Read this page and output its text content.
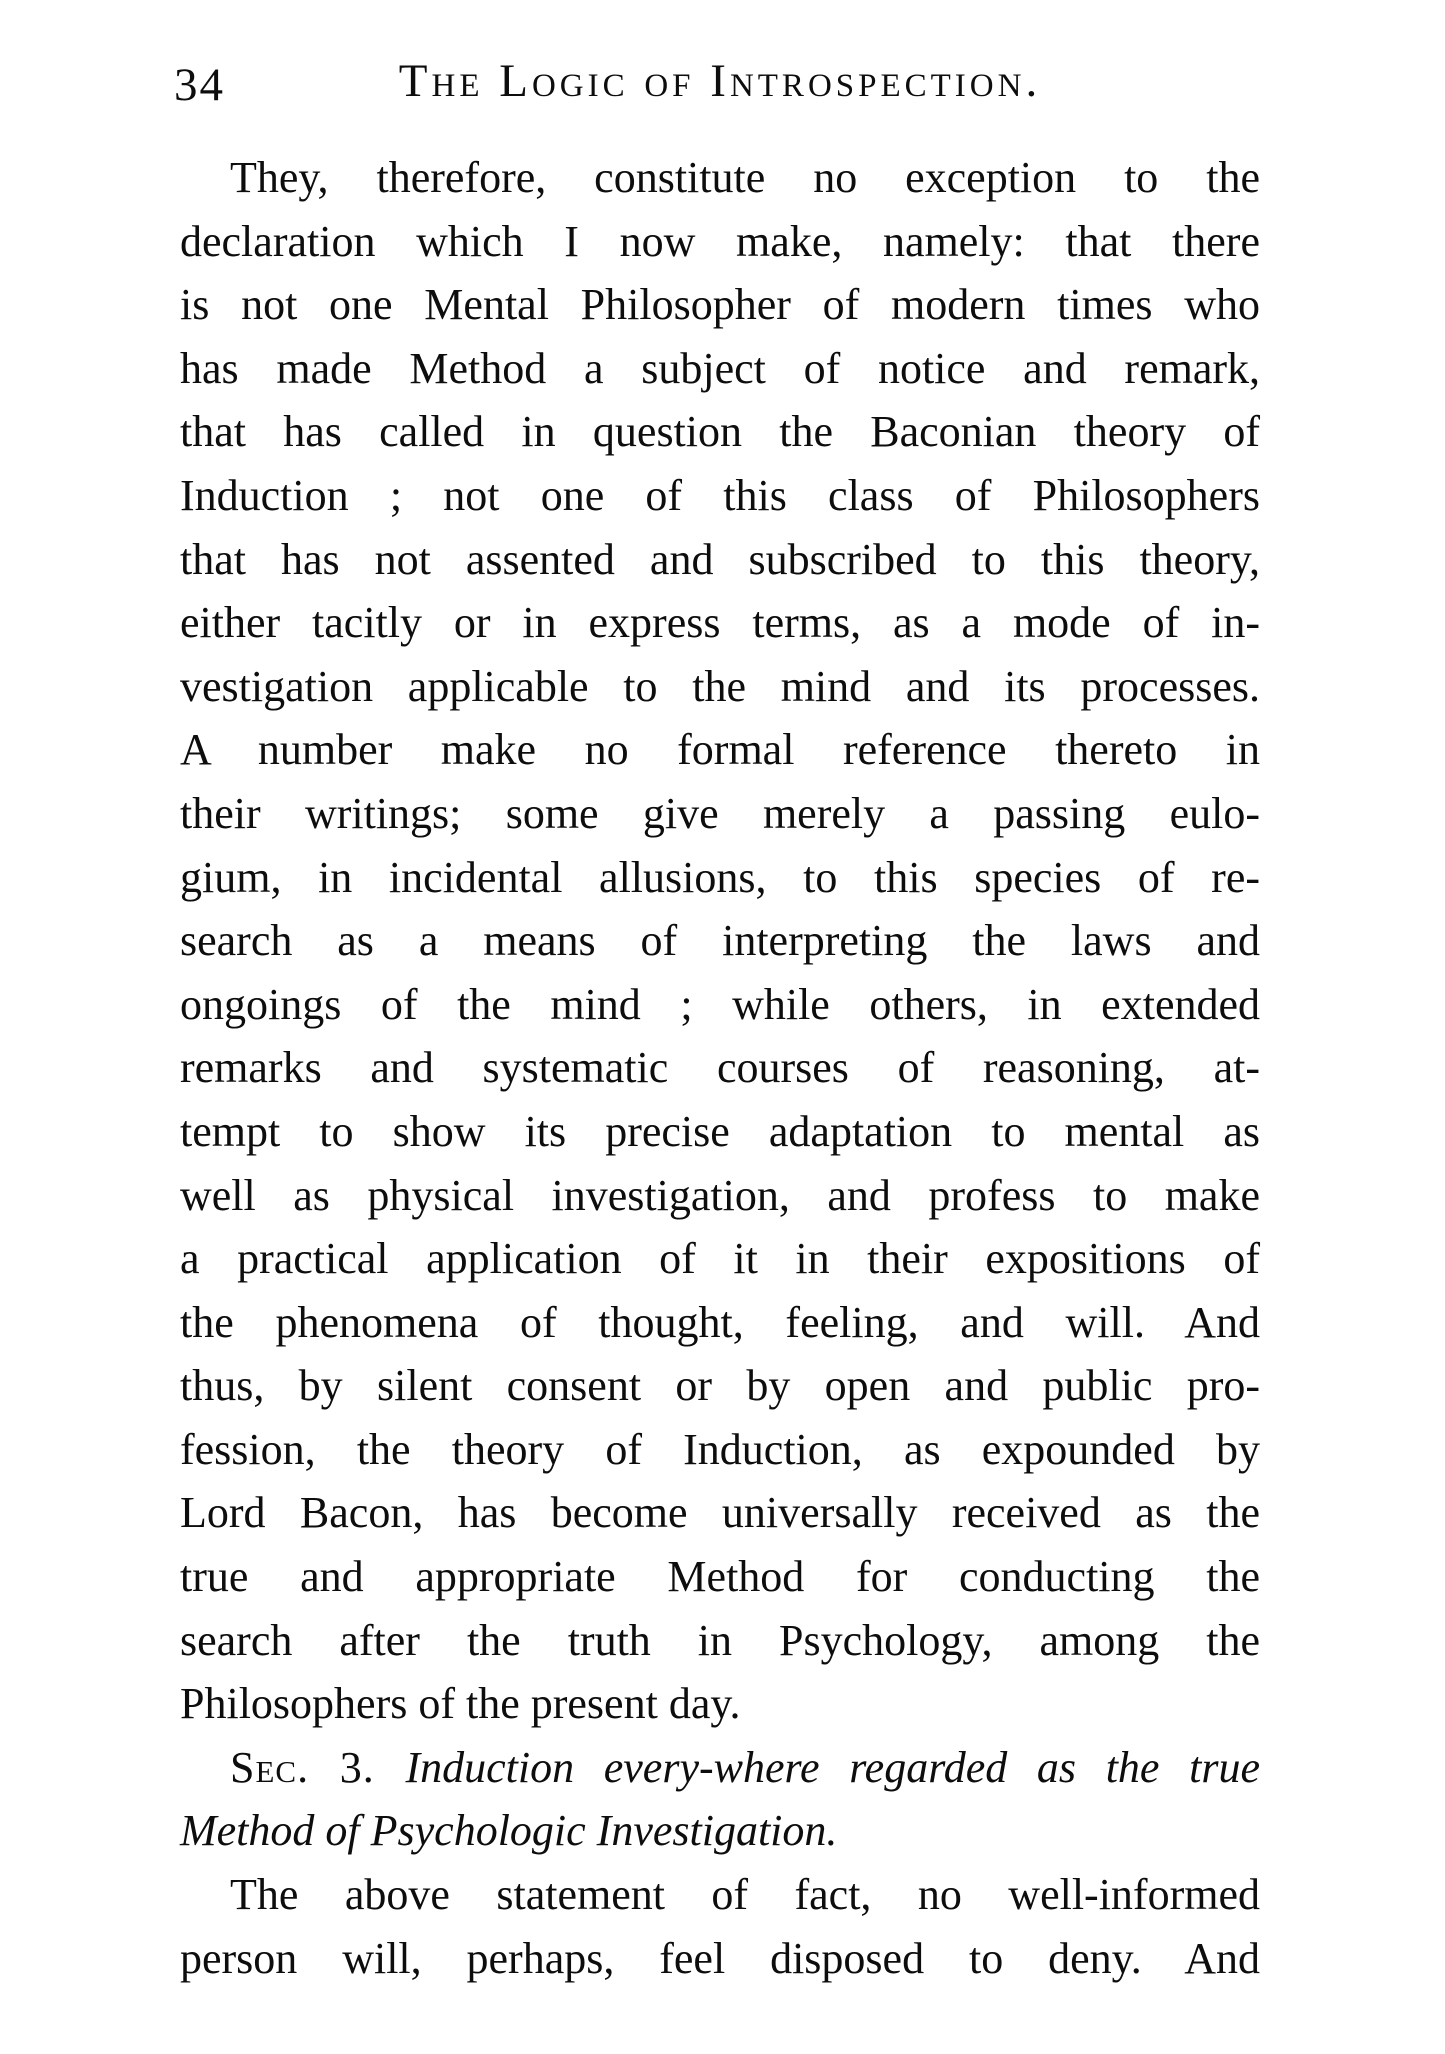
34	The Logic of Introspection.
They, therefore, constitute no exception to the
declaration which I now make, namely: that there
is not one Mental Philosopher of modern times who
has made Method a subject of notice and remark,
that has called in question the Baconian theory of
Induction ; not one of this class of Philosophers
that has not assented and subscribed to this theory,
either tacitly or in express terms, as a mode of in-
vestigation applicable to the mind and its processes.
A number make no formal reference thereto in
their writings; some give merely a passing eulo-
gium, in incidental allusions, to this species of re-
search as a means of interpreting the laws and
ongoings of the mind ; while others, in extended
remarks and systematic courses of reasoning, at-
tempt to show its precise adaptation to mental as
well as physical investigation, and profess to make
a practical application of it in their expositions of
the phenomena of thought, feeling, and will. And
thus, by silent consent or by open and public pro-
fession, the theory of Induction, as expounded by
Lord Bacon, has become universally received as the
true and appropriate Method for conducting the
search after the truth in Psychology, among the
Philosophers of the present day.
Sec. 3. Induction every-where regarded as the true
Method of Psychologic Investigation.
The above statement of fact, no well-informed
person will, perhaps, feel disposed to deny. And
